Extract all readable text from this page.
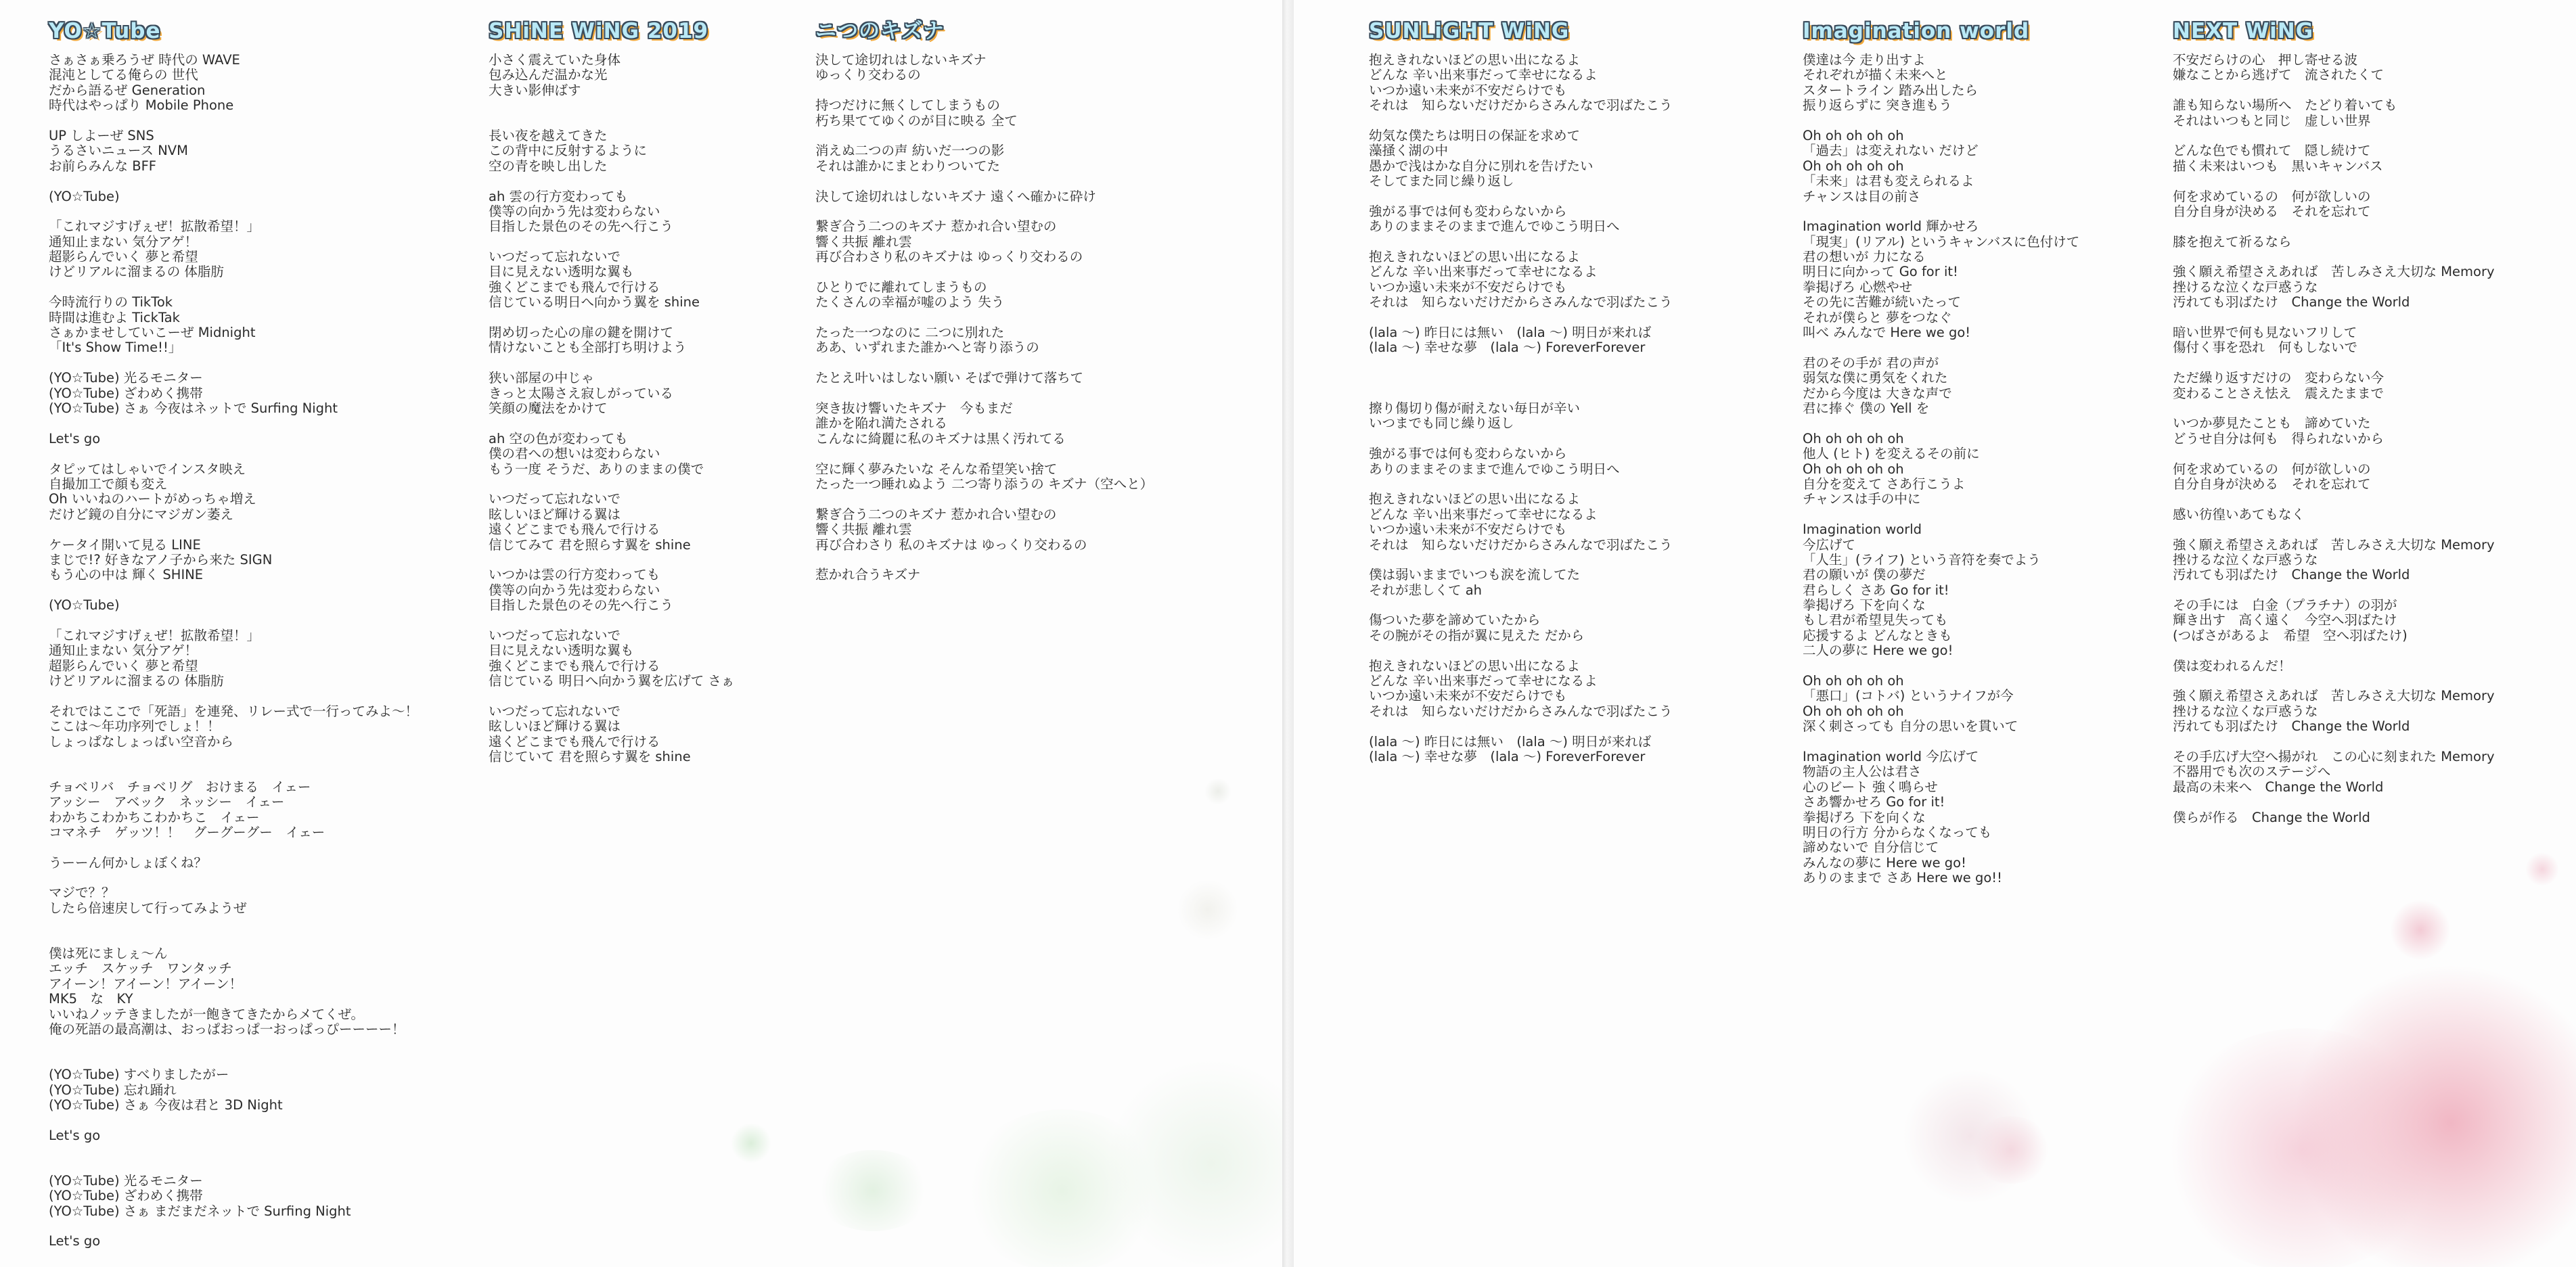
YO☆Tube
さぁさぁ乗ろうぜ 時代の WAVE
混沌としてる俺らの 世代
だから語るぜ Generation
時代はやっぱり Mobile Phone
UP しよーぜ SNS
うるさいニュース NVM
お前らみんな BFF
(YO☆Tube)
「これマジすげぇぜ！拡散希望！」
通知止まない 気分アゲ！
超影らんでいく 夢と希望
けどリアルに溜まるの 体脂肪
今時流行りの TikTok
時間は進むよ TickTak
さぁかませしていこーぜ Midnight
「It's Show Time!!」
(YO☆Tube) 光るモニター
(YO☆Tube) ざわめく携帯
(YO☆Tube) さぁ 今夜はネットで Surfing Night
Let's go
タピッてはしゃいでインスタ映え
自撮加工で顔も変え
Oh いいねのハートがめっちゃ増え
だけど鏡の自分にマジガン萎え
ケータイ開いて見る LINE
まじで!? 好きなアノ子から来た SIGN
もう心の中は 輝く SHINE
(YO☆Tube)
「これマジすげぇぜ！拡散希望！」
通知止まない 気分アゲ！
超影らんでいく 夢と希望
けどリアルに溜まるの 体脂肪
それではここで「死語」を連発、リレー式で一行ってみよ～！
ここは～年功序列でしょ！！
しょっぱなしょっぱい空音から
チョベリバ　チョベリグ　おけまる　イェー
アッシー　アベック　ネッシー　イェー
わかちこわかちこわかちこ　イェー
コマネチ　ゲッツ！！　グーグーグー　イェー
うーーん何かしょぼくね？
マジで？？
したら倍速戻して行ってみようぜ
僕は死にましぇ～ん
エッチ　スケッチ　ワンタッチ
アイーン！アイーン！アイーン！
MK5　な　KY
いいねノッテきましたが一飽きてきたからメてくぜ。
俺の死語の最高潮は、おっぱおっぱ一おっぱっぴーーーー！
(YO☆Tube) すべりましたがー
(YO☆Tube) 忘れ踊れ
(YO☆Tube) さぁ 今夜は君と 3D Night
Let's go
(YO☆Tube) 光るモニター
(YO☆Tube) ざわめく携帯
(YO☆Tube) さぁ まだまだネットで Surfing Night
Let's go
SHiNE WiNG 2019
小さく震えていた身体
包み込んだ温かな光
大きい影伸ばす
長い夜を越えてきた
この背中に反射するように
空の青を映し出した
ah 雲の行方変わっても
僕等の向かう先は変わらない
目指した景色のその先へ行こう
いつだって忘れないで
目に見えない透明な翼も
強くどこまでも飛んで行ける
信じている明日へ向かう翼を shine
閉め切った心の扉の鍵を開けて
情けないことも全部打ち明けよう
狭い部屋の中じゃ
きっと太陽さえ寂しがっている
笑顔の魔法をかけて
ah 空の色が変わっても
僕の君への想いは変わらない
もう一度 そうだ、ありのままの僕で
いつだって忘れないで
眩しいほど輝ける翼は
遠くどこまでも飛んで行ける
信じてみて 君を照らす翼を shine
いつかは雲の行方変わっても
僕等の向かう先は変わらない
目指した景色のその先へ行こう
いつだって忘れないで
目に見えない透明な翼も
強くどこまでも飛んで行ける
信じている 明日へ向かう翼を広げて さぁ
いつだって忘れないで
眩しいほど輝ける翼は
遠くどこまでも飛んで行ける
信じていて 君を照らす翼を shine
ニつのキズナ
決して途切れはしないキズナ
ゆっくり交わるの
持つだけに無くしてしまうもの
朽ち果ててゆくのが目に映る 全て
消えぬ二つの声 紡いだ一つの影
それは誰かにまとわりついてた
決して途切れはしないキズナ 遠くへ確かに砕け
繋ぎ合う二つのキズナ 惹かれ合い望むの
響く共振 離れ雲
再び合わさり私のキズナは ゆっくり交わるの
ひとりでに離れてしまうもの
たくさんの幸福が嘘のよう 失う
たった一つなのに 二つに別れた
ああ、いずれまた誰かへと寄り添うの
たとえ叶いはしない願い そばで弾けて落ちて
突き抜け響いたキズナ　今もまだ
誰かを陥れ満たされる
こんなに綺麗に私のキズナは黒く汚れてる
空に輝く夢みたいな そんな希望笑い捨て
たった一つ睡れぬよう 二つ寄り添うの キズナ（空へと）
繋ぎ合う二つのキズナ 惹かれ合い望むの
響く共振 離れ雲
再び合わさり 私のキズナは ゆっくり交わるの
惹かれ合うキズナ
SUNLiGHT WiNG
抱えきれないほどの思い出になるよ
どんな 辛い出来事だって幸せになるよ
いつか遠い未来が不安だらけでも
それは　知らないだけだからさみんなで羽ばたこう
幼気な僕たちは明日の保証を求めて
藻掻く湖の中
愚かで浅はかな自分に別れを告げたい
そしてまた同じ繰り返し
強がる事では何も変わらないから
ありのままそのままで進んでゆこう明日へ
抱えきれないほどの思い出になるよ
どんな 辛い出来事だって幸せになるよ
いつか遠い未来が不安だらけでも
それは　知らないだけだからさみんなで羽ばたこう
(lala ～) 昨日には無い　(lala ～) 明日が来れば
(lala ～) 幸せな夢　(lala ～) ForeverForever
擦り傷切り傷が耐えない毎日が辛い
いつまでも同じ繰り返し
強がる事では何も変わらないから
ありのままそのままで進んでゆこう明日へ
抱えきれないほどの思い出になるよ
どんな 辛い出来事だって幸せになるよ
いつか遠い未来が不安だらけでも
それは　知らないだけだからさみんなで羽ばたこう
僕は弱いままでいつも涙を流してた
それが悲しくて ah
傷ついた夢を諦めていたから
その腕がその指が翼に見えた だから
抱えきれないほどの思い出になるよ
どんな 辛い出来事だって幸せになるよ
いつか遠い未来が不安だらけでも
それは　知らないだけだからさみんなで羽ばたこう
(lala ～) 昨日には無い　(lala ～) 明日が来れば
(lala ～) 幸せな夢　(lala ～) ForeverForever
Imagination world
僕達は今 走り出すよ
それぞれが描く未来へと
スタートライン 踏み出したら
振り返らずに 突き進もう
Oh oh oh oh oh
「過去」は変えれない だけど
Oh oh oh oh oh
「未来」は君も変えられるよ
チャンスは目の前さ
Imagination world 輝かせろ
「現実」(リアル) というキャンバスに色付けて
君の想いが 力になる
明日に向かって Go for it!
拳掲げろ 心燃やせ
その先に苦難が続いたって
それが僕らと 夢をつなぐ
叫べ みんなで Here we go!
君のその手が 君の声が
弱気な僕に勇気をくれた
だから今度は 大きな声で
君に捧ぐ 僕の Yell を
Oh oh oh oh oh
他人 (ヒト) を変えるその前に
Oh oh oh oh oh
自分を変えて さあ行こうよ
チャンスは手の中に
Imagination world
今広げて
「人生」(ライフ) という音符を奏でよう
君の願いが 僕の夢だ
君らしく さあ Go for it!
拳掲げろ 下を向くな
もし君が希望見失っても
応援するよ どんなときも
二人の夢に Here we go!
Oh oh oh oh oh
「悪口」(コトバ) というナイフが今
Oh oh oh oh oh
深く刺さっても 自分の思いを貫いて
Imagination world 今広げて
物語の主人公は君さ
心のビート 強く鳴らせ
さあ響かせろ Go for it!
拳掲げろ 下を向くな
明日の行方 分からなくなっても
諦めないで 自分信じて
みんなの夢に Here we go!
ありのままで さあ Here we go!!
NEXT WiNG
不安だらけの心　押し寄せる波
嫌なことから逃げて　流されたくて
誰も知らない場所へ　たどり着いても
それはいつもと同じ　虚しい世界
どんな色でも慣れて　隠し続けて
描く未来はいつも　黒いキャンバス
何を求めているの　何が欲しいの
自分自身が決める　それを忘れて
膝を抱えて祈るなら
強く願え希望さえあれば　苦しみさえ大切な Memory
挫けるな泣くな戸惑うな
汚れても羽ばたけ　Change the World
暗い世界で何も見ないフリして
傷付く事を恐れ　何もしないで
ただ繰り返すだけの　変わらない今
変わることさえ怯え　震えたままで
いつか夢見たことも　諦めていた
どうせ自分は何も　得られないから
何を求めているの　何が欲しいの
自分自身が決める　それを忘れて
感い彷徨いあてもなく
強く願え希望さえあれば　苦しみさえ大切な Memory
挫けるな泣くな戸惑うな
汚れても羽ばたけ　Change the World
その手には　白金（プラチナ）の羽が
輝き出す　高く遠く　今空へ羽ばたけ
(つばさがあるよ　希望　空へ羽ばたけ)
僕は変われるんだ！
強く願え希望さえあれば　苦しみさえ大切な Memory
挫けるな泣くな戸惑うな
汚れても羽ばたけ　Change the World
その手広げ大空へ揚がれ　この心に刻まれた Memory
不器用でも次のステージへ
最高の未来へ　Change the World
僕らが作る　Change the World
